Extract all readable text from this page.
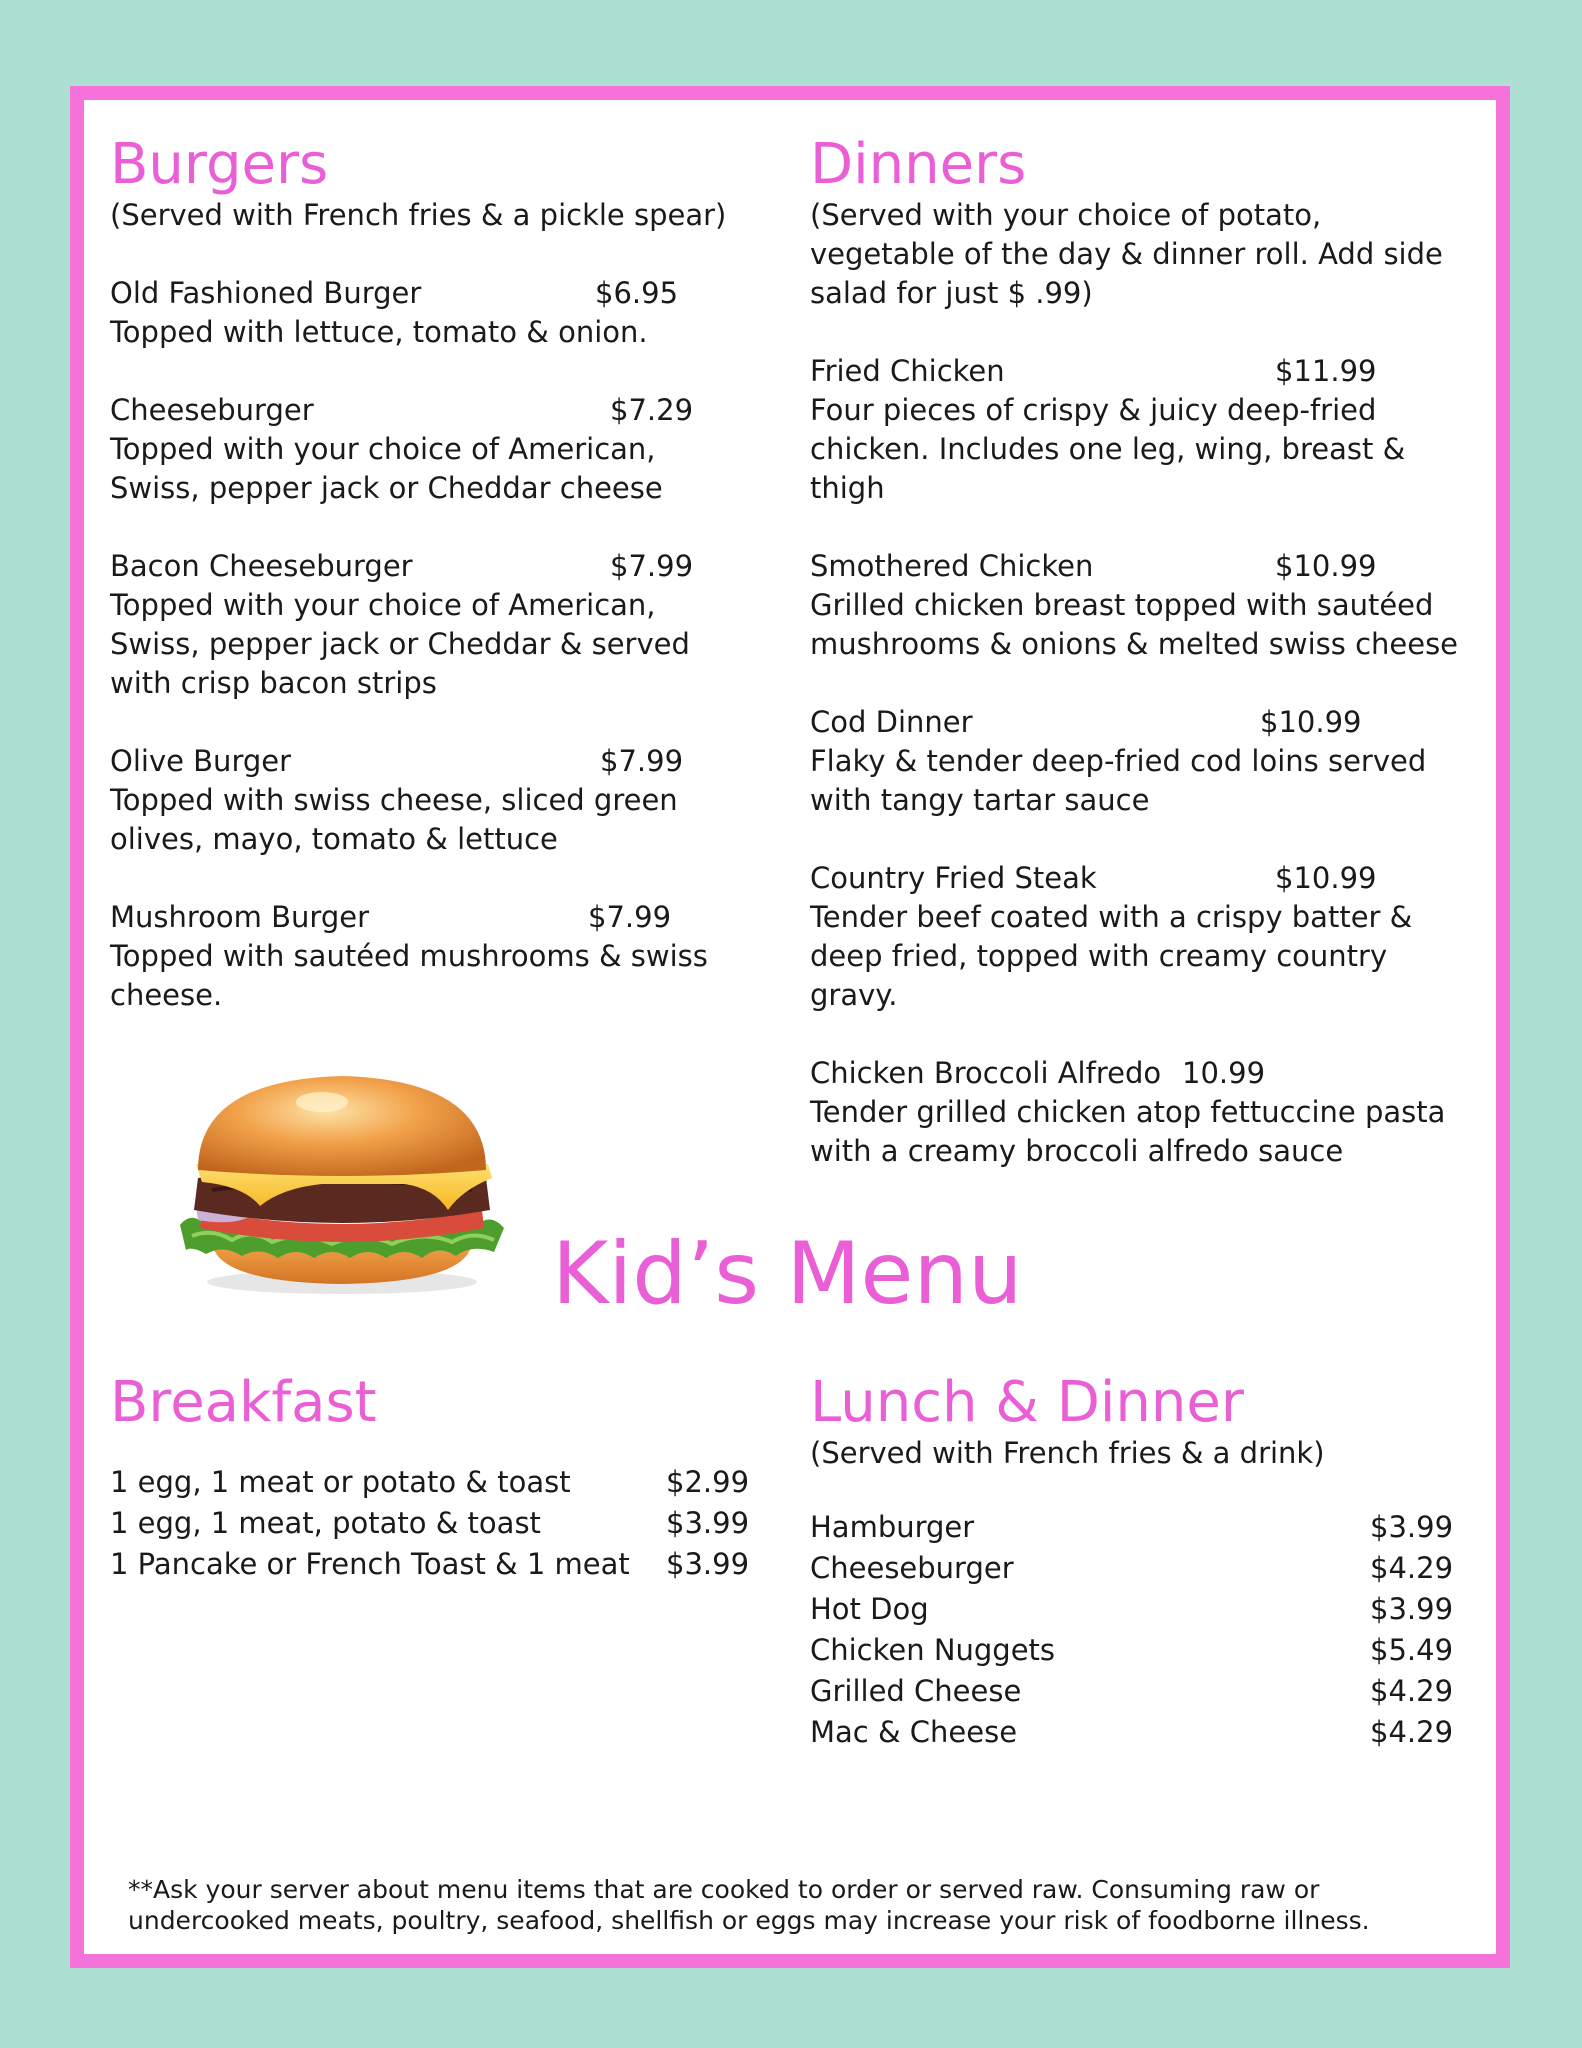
Burgers

(Served with French fries & a pickle spear)

Old Fashioned Burger	$6.95

Topped with lettuce, tomato & onion.

Cheeseburger	$7.29

Topped with your choice of American, Swiss, pepper jack or Cheddar cheese

Bacon Cheeseburger	$7.99

Topped with your choice of American, Swiss, pepper jack or Cheddar & served with crisp bacon strips

Olive Burger	$7.99

Topped with swiss cheese, sliced green olives, mayo, tomato & lettuce

Mushroom Burger	$7.99

Topped with sautéed mushrooms & swiss cheese.

Dinners

(Served with your choice of potato, vegetable of the day & dinner roll. Add side salad for just $ .99)

Fried Chicken	$11.99

Four pieces of crispy & juicy deep-fried chicken. Includes one leg, wing, breast & thigh

Smothered Chicken	$10.99

Grilled chicken breast topped with sautéed mushrooms & onions & melted swiss cheese

Cod Dinner	$10.99

Flaky & tender deep-fried cod loins served with tangy tartar sauce

Country Fried Steak	$10.99

Tender beef coated with a crispy batter & deep fried, topped with creamy country gravy.

Chicken Broccoli Alfredo 10.99

Tender grilled chicken atop fettuccine pasta with a creamy broccoli alfredo sauce

Kid’s Menu
Breakfast
1 egg, 1 meat or potato & toast	$2.99
1 egg, 1 meat, potato & toast	$3.99
1 Pancake or French Toast & 1 meat	$3.99
Lunch & Dinner

(Served with French fries & a drink)

Hamburger	$3.99
Cheeseburger	$4.29
Hot Dog	$3.99
Chicken Nuggets	$5.49
Grilled Cheese	$4.29
Mac & Cheese	$4.29

**Ask your server about menu items that are cooked to order or served raw. Consuming raw or undercooked meats, poultry, seafood, shellfish or eggs may increase your risk of foodborne illness.
